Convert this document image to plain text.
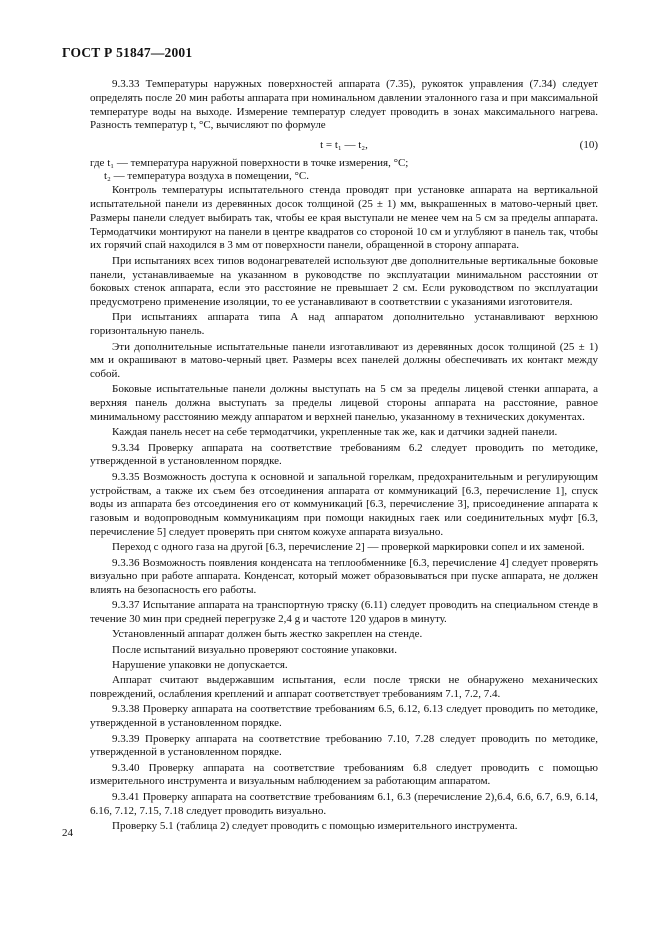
ГОСТ Р 51847—2001

9.3.33 Температуры наружных поверхностей аппарата (7.35), рукояток управления (7.34) следует определять после 20 мин работы аппарата при номинальном давлении эталонного газа и при максимальной температуре воды на выходе. Измерение температур следует проводить в зонах максимального нагрева. Разность температур t, °C, вычисляют по формуле

t = t₁ — t₂,	(10)

где t₁ — температура наружной поверхности в точке измерения, °C;

t₂ — температура воздуха в помещении, °C.

Контроль температуры испытательного стенда проводят при установке аппарата на вертикальной испытательной панели из деревянных досок толщиной (25 ± 1) мм, выкрашенных в матово-черный цвет. Размеры панели следует выбирать так, чтобы ее края выступали не менее чем на 5 см за пределы аппарата. Термодатчики монтируют на панели в центре квадратов со стороной 10 см и углубляют в панель так, чтобы их горячий спай находился в 3 мм от поверхности панели, обращенной в сторону аппарата.

При испытаниях всех типов водонагревателей используют две дополнительные вертикальные боковые панели, устанавливаемые на указанном в руководстве по эксплуатации минимальном расстоянии от боковых стенок аппарата, если это расстояние не превышает 2 см. Если руководством по эксплуатации предусмотрено применение изоляции, то ее устанавливают в соответствии с указаниями изготовителя.

При испытаниях аппарата типа А над аппаратом дополнительно устанавливают верхнюю горизонтальную панель.

Эти дополнительные испытательные панели изготавливают из деревянных досок толщиной (25 ± 1) мм и окрашивают в матово-черный цвет. Размеры всех панелей должны обеспечивать их контакт между собой.

Боковые испытательные панели должны выступать на 5 см за пределы лицевой стенки аппарата, а верхняя панель должна выступать за пределы лицевой стороны аппарата на расстояние, равное минимальному расстоянию между аппаратом и верхней панелью, указанному в технических документах.

Каждая панель несет на себе термодатчики, укрепленные так же, как и датчики задней панели.

9.3.34 Проверку аппарата на соответствие требованиям 6.2 следует проводить по методике, утвержденной в установленном порядке.

9.3.35 Возможность доступа к основной и запальной горелкам, предохранительным и регулирующим устройствам, а также их съем без отсоединения аппарата от коммуникаций [6.3, перечисление 1], спуск воды из аппарата без отсоединения его от коммуникаций [6.3, перечисление 3], присоединение аппарата к газовым и водопроводным коммуникациям при помощи накидных гаек или соединительных муфт [6.3, перечисление 5] следует проверять при снятом кожухе аппарата визуально.

Переход с одного газа на другой [6.3, перечисление 2] — проверкой маркировки сопел и их заменой.

9.3.36 Возможность появления конденсата на теплообменнике [6.3, перечисление 4] следует проверять визуально при работе аппарата. Конденсат, который может образовываться при пуске аппарата, не должен влиять на безопасность его работы.

9.3.37 Испытание аппарата на транспортную тряску (6.11) следует проводить на специальном стенде в течение 30 мин при средней перегрузке 2,4 g и частоте 120 ударов в минуту.

Установленный аппарат должен быть жестко закреплен на стенде.

После испытаний визуально проверяют состояние упаковки.

Нарушение упаковки не допускается.

Аппарат считают выдержавшим испытания, если после тряски не обнаружено механических повреждений, ослабления креплений и аппарат соответствует требованиям 7.1, 7.2, 7.4.

9.3.38 Проверку аппарата на соответствие требованиям 6.5, 6.12, 6.13 следует проводить по методике, утвержденной в установленном порядке.

9.3.39 Проверку аппарата на соответствие требованию 7.10, 7.28 следует проводить по методике, утвержденной в установленном порядке.

9.3.40 Проверку аппарата на соответствие требованиям 6.8 следует проводить с помощью измерительного инструмента и визуальным наблюдением за работающим аппаратом.

9.3.41 Проверку аппарата на соответствие требованиям 6.1, 6.3 (перечисление 2),6.4, 6.6, 6.7, 6.9, 6.14, 6.16, 7.12, 7.15, 7.18 следует проводить визуально.

Проверку 5.1 (таблица 2) следует проводить с помощью измерительного инструмента.

24
